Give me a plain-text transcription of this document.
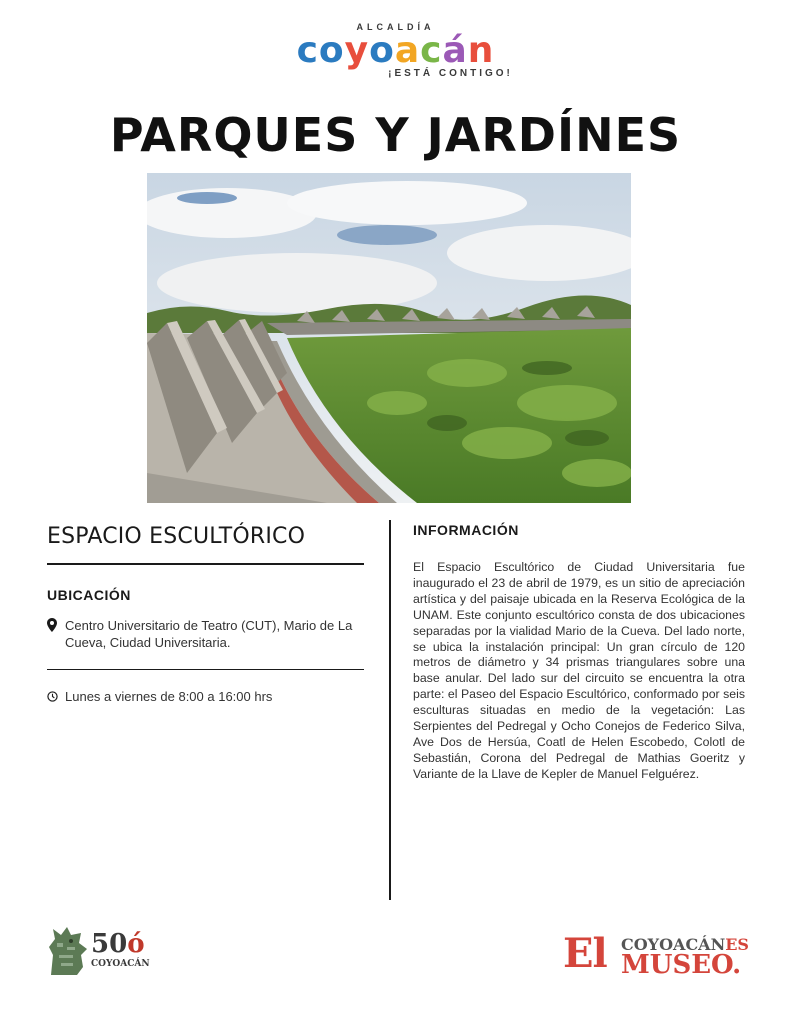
ALCALDÍA
coyoacán
¡ESTÁ CONTIGO!
PARQUES Y JARDÍNES
ESPACIO ESCULTÓRICO
UBICACIÓN
Centro Universitario de Teatro (CUT), Mario de La Cueva, Ciudad Universitaria.
Lunes a viernes de 8:00 a 16:00 hrs
INFORMACIÓN
El Espacio Escultórico de Ciudad Universitaria fue inaugurado el 23 de abril de 1979, es un sitio de apreciación artística y del paisaje ubicada en la Reserva Ecológica de la UNAM. Este conjunto escultórico consta de dos ubicaciones separadas por la vialidad Mario de la Cueva. Del lado norte, se ubica la instalación principal: Un gran círculo de 120 metros de diámetro y 34 prismas triangulares sobre una base anular. Del lado sur del circuito se encuentra la otra parte: el Paseo del Espacio Escultórico, conformado por seis esculturas situadas en medio de la vegetación: Las Serpientes del Pedregal y Ocho Conejos de Federico Silva, Ave Dos de Hersúa, Coatl de Helen Escobedo, Colotl de Sebastián, Corona del Pedregal de Mathias Goeritz y Variante de la Llave de Kepler de Manuel Felguérez.
50ó
COYOACÁN	El COYOACÁNES
MUSEO.
